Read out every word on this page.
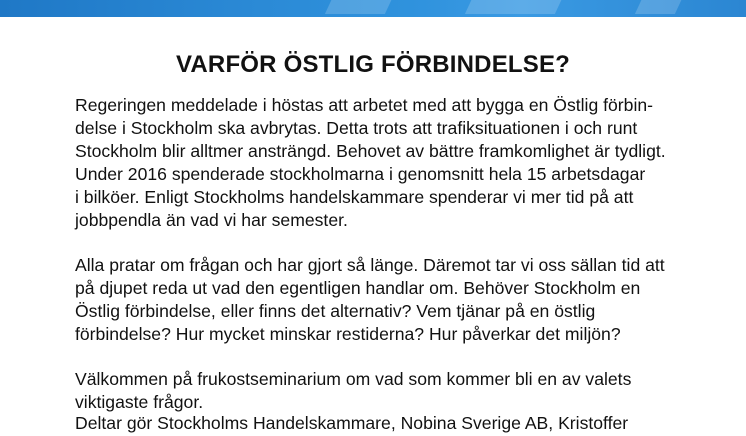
VARFÖR ÖSTLIG FÖRBINDELSE?
Regeringen meddelade i höstas att arbetet med att bygga en Östlig förbin-
delse i Stockholm ska avbrytas. Detta trots att trafiksituationen i och runt
Stockholm blir alltmer ansträngd. Behovet av bättre framkomlighet är tydligt.
Under 2016 spenderade stockholmarna i genomsnitt hela 15 arbetsdagar
i bilköer. Enligt Stockholms handelskammare spenderar vi mer tid på att
jobbpendla än vad vi har semester.
Alla pratar om frågan och har gjort så länge. Däremot tar vi oss sällan tid att
på djupet reda ut vad den egentligen handlar om. Behöver Stockholm en
Östlig förbindelse, eller finns det alternativ? Vem tjänar på en östlig
förbindelse? Hur mycket minskar restiderna? Hur påverkar det miljön?
Välkommen på frukostseminarium om vad som kommer bli en av valets
viktigaste frågor.
Deltar gör Stockholms Handelskammare, Nobina Sverige AB, Kristoffer
